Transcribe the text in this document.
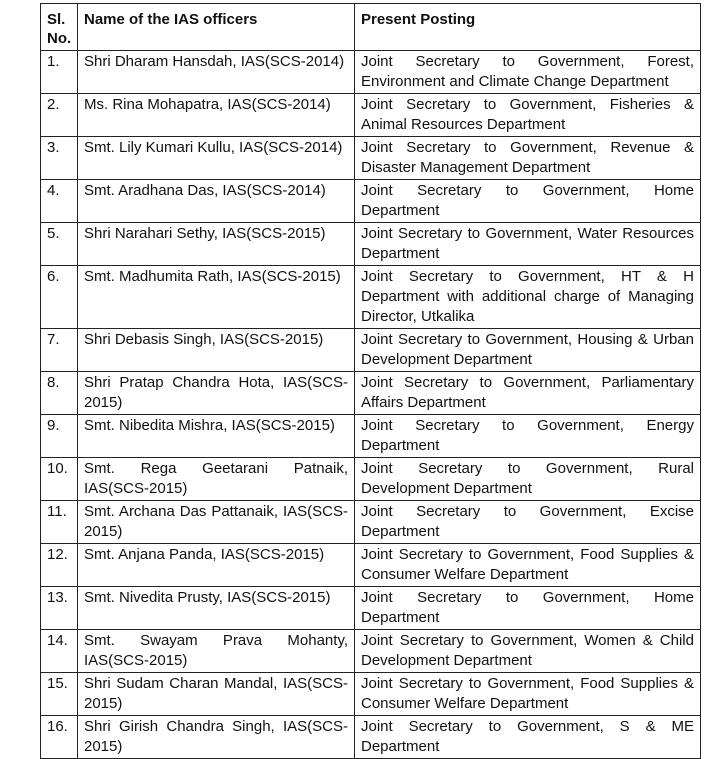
Sl. No.	Name of the IAS officers	Present Posting
1.	Shri Dharam Hansdah, IAS(SCS-2014)	Joint Secretary to Government, Forest, Environment and Climate Change Department
2.	Ms. Rina Mohapatra, IAS(SCS-2014)	Joint Secretary to Government, Fisheries & Animal Resources Department
3.	Smt. Lily Kumari Kullu, IAS(SCS-2014)	Joint Secretary to Government, Revenue & Disaster Management Department
4.	Smt. Aradhana Das, IAS(SCS-2014)	Joint Secretary to Government, Home Department
5.	Shri Narahari Sethy, IAS(SCS-2015)	Joint Secretary to Government, Water Resources Department
6.	Smt. Madhumita Rath, IAS(SCS-2015)	Joint Secretary to Government, HT & H Department with additional charge of Managing Director, Utkalika
7.	Shri Debasis Singh, IAS(SCS-2015)	Joint Secretary to Government, Housing & Urban Development Department
8.	Shri Pratap Chandra Hota, IAS(SCS-2015)	Joint Secretary to Government, Parliamentary Affairs Department
9.	Smt. Nibedita Mishra, IAS(SCS-2015)	Joint Secretary to Government, Energy Department
10.	Smt. Rega Geetarani Patnaik, IAS(SCS-2015)	Joint Secretary to Government, Rural Development Department
11.	Smt. Archana Das Pattanaik, IAS(SCS-2015)	Joint Secretary to Government, Excise Department
12.	Smt. Anjana Panda, IAS(SCS-2015)	Joint Secretary to Government, Food Supplies & Consumer Welfare Department
13.	Smt. Nivedita Prusty, IAS(SCS-2015)	Joint Secretary to Government, Home Department
14.	Smt. Swayam Prava Mohanty, IAS(SCS-2015)	Joint Secretary to Government, Women & Child Development Department
15.	Shri Sudam Charan Mandal, IAS(SCS-2015)	Joint Secretary to Government, Food Supplies & Consumer Welfare Department
16.	Shri Girish Chandra Singh, IAS(SCS-2015)	Joint Secretary to Government, S & ME Department
